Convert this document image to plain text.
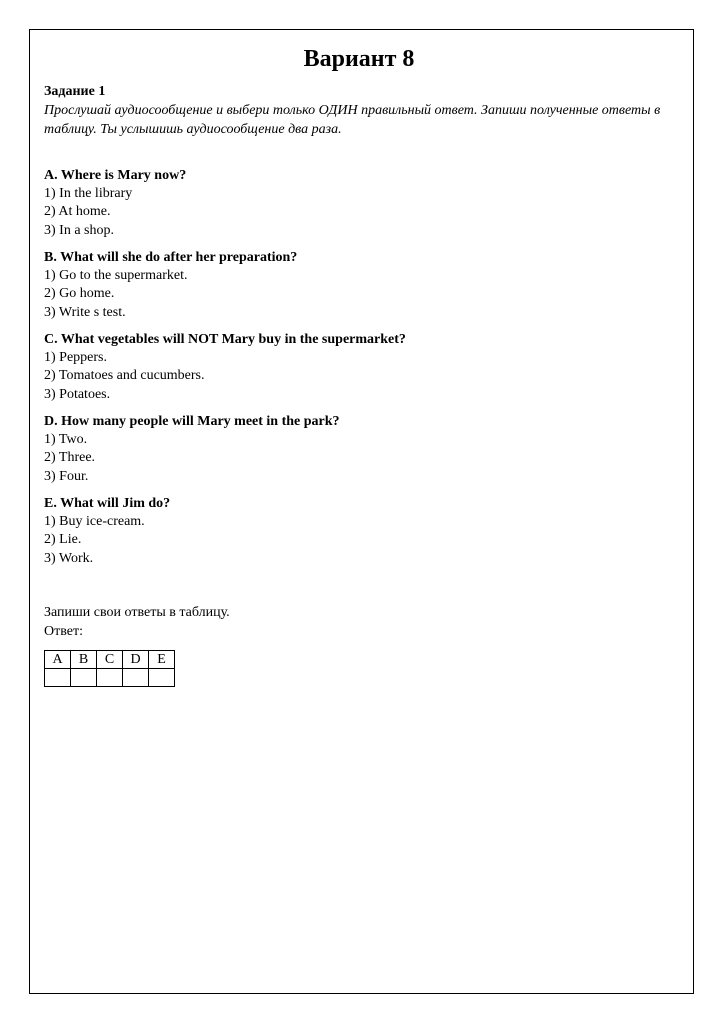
Вариант 8
Задание 1

Прослушай аудиосообщение и выбери только ОДИН правильный ответ. Запиши полученные ответы в таблицу. Ты услышишь аудиосообщение два раза.

A. Where is Mary now?

1) In the library
2) At home.
3) In a shop.

B. What will she do after her preparation?

1) Go to the supermarket.
2) Go home.
3) Write s test.

C. What vegetables will NOT Mary buy in the supermarket?

1) Peppers.
2) Tomatoes and cucumbers.
3) Potatoes.

D. How many people will Mary meet in the park?

1) Two.
2) Three.
3) Four.

E. What will Jim do?

1) Buy ice-cream.
2) Lie.
3) Work.
Запиши свои ответы в таблицу.
Ответ:
A	B	C	D	E
